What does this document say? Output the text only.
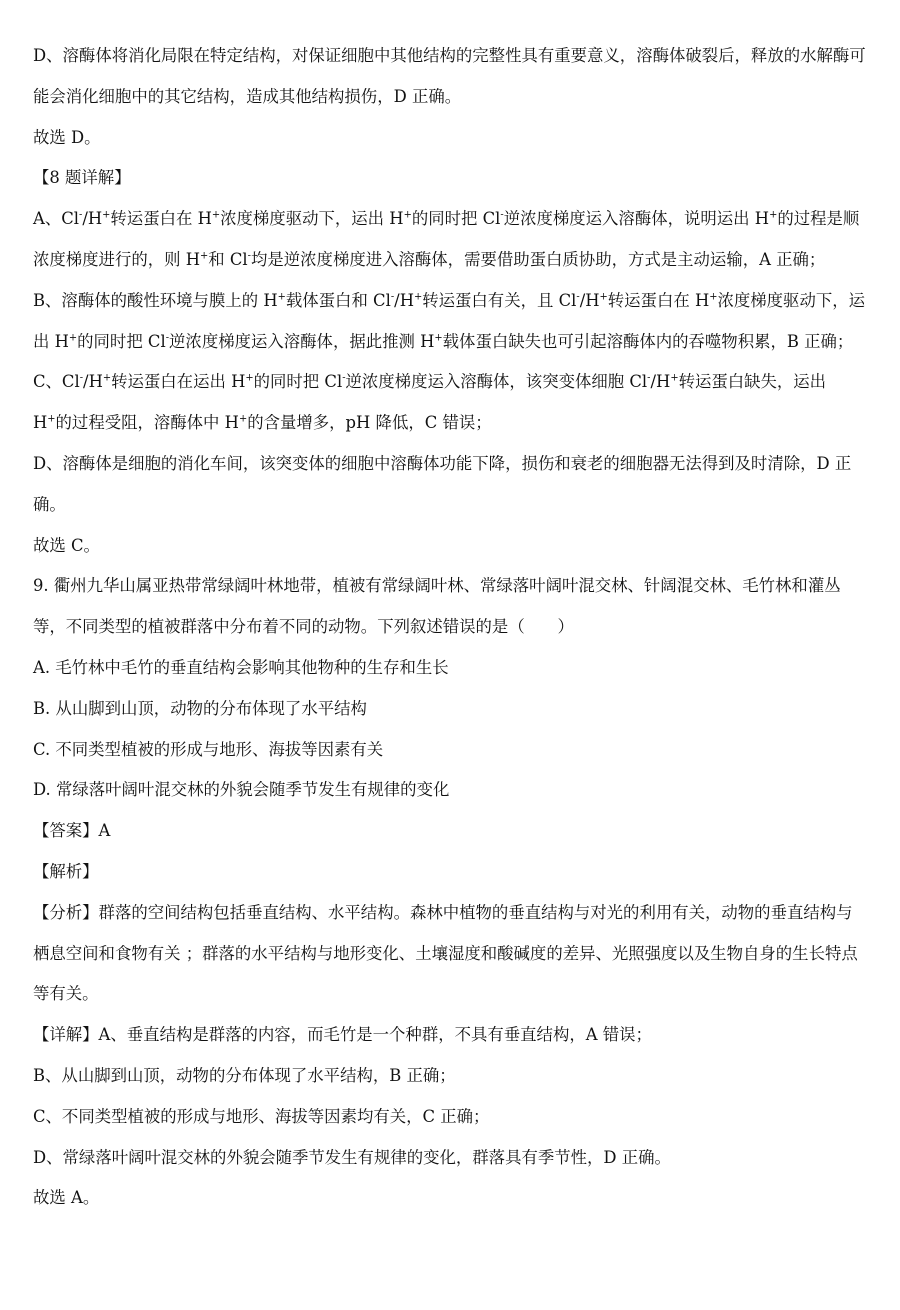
D、溶酶体将消化局限在特定结构，对保证细胞中其他结构的完整性具有重要意义，溶酶体破裂后，释放的水解酶可能会消化细胞中的其它结构，造成其他结构损伤，D 正确。

故选 D。

【8 题详解】

A、Cl-/H+转运蛋白在 H+浓度梯度驱动下，运出 H+的同时把 Cl-逆浓度梯度运入溶酶体，说明运出 H+的过程是顺浓度梯度进行的，则 H+和 Cl-均是逆浓度梯度进入溶酶体，需要借助蛋白质协助，方式是主动运输，A 正确；

B、溶酶体的酸性环境与膜上的 H+载体蛋白和 Cl-/H+转运蛋白有关，且 Cl-/H+转运蛋白在 H+浓度梯度驱动下，运出 H+的同时把 Cl-逆浓度梯度运入溶酶体，据此推测 H+载体蛋白缺失也可引起溶酶体内的吞噬物积累，B 正确；

C、Cl-/H+转运蛋白在运出 H+的同时把 Cl-逆浓度梯度运入溶酶体，该突变体细胞 Cl-/H+转运蛋白缺失，运出 H+的过程受阻，溶酶体中 H+的含量增多，pH 降低，C 错误；

D、溶酶体是细胞的消化车间，该突变体的细胞中溶酶体功能下降，损伤和衰老的细胞器无法得到及时清除，D 正确。

故选 C。

9. 衢州九华山属亚热带常绿阔叶林地带，植被有常绿阔叶林、常绿落叶阔叶混交林、针阔混交林、毛竹林和灌丛等，不同类型的植被群落中分布着不同的动物。下列叙述错误的是（　　）

A. 毛竹林中毛竹的垂直结构会影响其他物种的生存和生长

B. 从山脚到山顶，动物的分布体现了水平结构

C. 不同类型植被的形成与地形、海拔等因素有关

D. 常绿落叶阔叶混交林的外貌会随季节发生有规律的变化

【答案】A

【解析】

【分析】群落的空间结构包括垂直结构、水平结构。森林中植物的垂直结构与对光的利用有关，动物的垂直结构与栖息空间和食物有关 ；群落的水平结构与地形变化、土壤湿度和酸碱度的差异、光照强度以及生物自身的生长特点等有关。

【详解】A、垂直结构是群落的内容，而毛竹是一个种群，不具有垂直结构，A 错误；

B、从山脚到山顶，动物的分布体现了水平结构，B 正确；

C、不同类型植被的形成与地形、海拔等因素均有关，C 正确；

D、常绿落叶阔叶混交林的外貌会随季节发生有规律的变化，群落具有季节性，D 正确。

故选 A。
